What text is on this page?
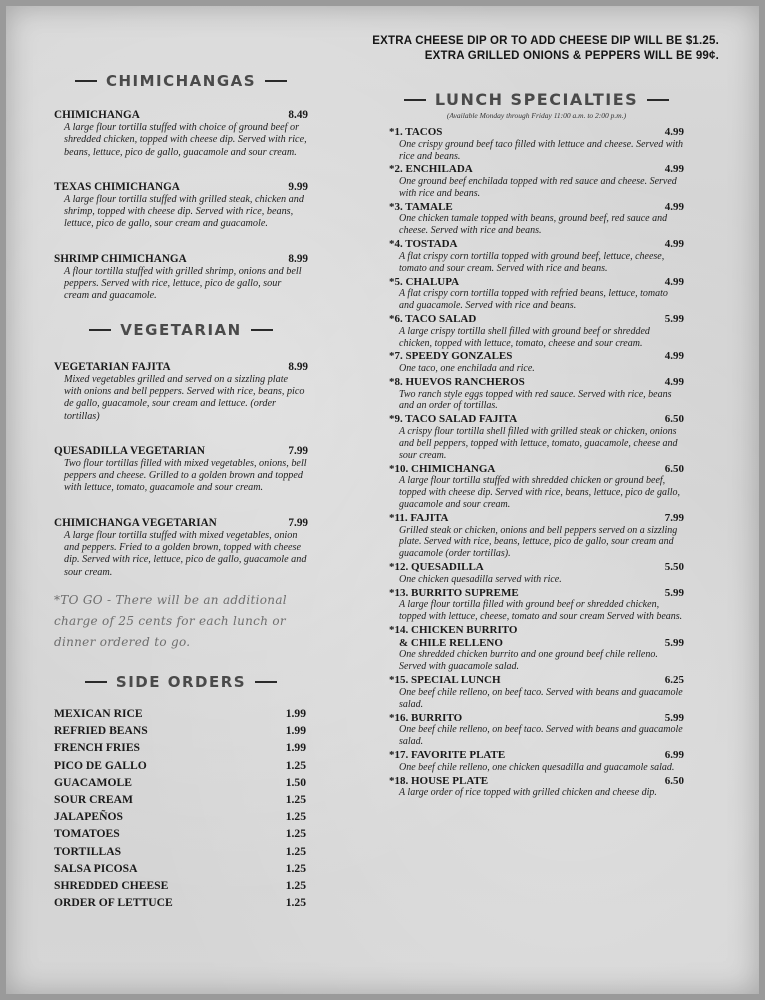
EXTRA CHEESE DIP OR TO ADD CHEESE DIP WILL BE $1.25.
EXTRA GRILLED ONIONS & PEPPERS WILL BE 99¢.
CHIMICHANGAS
CHIMICHANGA	8.49
A large flour tortilla stuffed with choice of ground beef or shredded chicken, topped with cheese dip. Served with rice, beans, lettuce, pico de gallo, guacamole and sour cream.
TEXAS CHIMICHANGA	9.99
A large flour tortilla stuffed with grilled steak, chicken and shrimp, topped with cheese dip. Served with rice, beans, lettuce, pico de gallo, sour cream and guacamole.
SHRIMP CHIMICHANGA	8.99
A flour tortilla stuffed with grilled shrimp, onions and bell peppers. Served with rice, lettuce, pico de gallo, sour cream and guacamole.
VEGETARIAN
VEGETARIAN FAJITA	8.99
Mixed vegetables grilled and served on a sizzling plate with onions and bell peppers. Served with rice, beans, pico de gallo, guacamole, sour cream and lettuce. (order tortillas)
QUESADILLA VEGETARIAN	7.99
Two flour tortillas filled with mixed vegetables, onions, bell peppers and cheese. Grilled to a golden brown and topped with lettuce, tomato, guacamole and sour cream.
CHIMICHANGA VEGETARIAN	7.99
A large flour tortilla stuffed with mixed vegetables, onion and peppers. Fried to a golden brown, topped with cheese dip. Served with rice, lettuce, pico de gallo, guacamole and sour cream.
*TO GO - There will be an additional charge of 25 cents for each lunch or dinner ordered to go.
SIDE ORDERS
MEXICAN RICE	1.99
REFRIED BEANS	1.99
FRENCH FRIES	1.99
PICO DE GALLO	1.25
GUACAMOLE	1.50
SOUR CREAM	1.25
JALAPEÑOS	1.25
TOMATOES	1.25
TORTILLAS	1.25
SALSA PICOSA	1.25
SHREDDED CHEESE	1.25
ORDER OF LETTUCE	1.25
LUNCH SPECIALTIES
(Available Monday through Friday 11:00 a.m. to 2:00 p.m.)
*1. TACOS	4.99
One crispy ground beef taco filled with lettuce and cheese. Served with rice and beans.
*2. ENCHILADA	4.99
One ground beef enchilada topped with red sauce and cheese. Served with rice and beans.
*3. TAMALE	4.99
One chicken tamale topped with beans, ground beef, red sauce and cheese. Served with rice and beans.
*4. TOSTADA	4.99
A flat crispy corn tortilla topped with ground beef, lettuce, cheese, tomato and sour cream. Served with rice and beans.
*5. CHALUPA	4.99
A flat crispy corn tortilla topped with refried beans, lettuce, tomato and guacamole. Served with rice and beans.
*6. TACO SALAD	5.99
A large crispy tortilla shell filled with ground beef or shredded chicken, topped with lettuce, tomato, cheese and sour cream.
*7. SPEEDY GONZALES	4.99
One taco, one enchilada and rice.
*8. HUEVOS RANCHEROS	4.99
Two ranch style eggs topped with red sauce. Served with rice, beans and an order of tortillas.
*9. TACO SALAD FAJITA	6.50
A crispy flour tortilla shell filled with grilled steak or chicken, onions and bell peppers, topped with lettuce, tomato, guacamole, cheese and sour cream.
*10. CHIMICHANGA	6.50
A large flour tortilla stuffed with shredded chicken or ground beef, topped with cheese dip. Served with rice, beans, lettuce, pico de gallo, guacamole and sour cream.
*11. FAJITA	7.99
Grilled steak or chicken, onions and bell peppers served on a sizzling plate. Served with rice, beans, lettuce, pico de gallo, sour cream and guacamole (order tortillas).
*12. QUESADILLA	5.50
One chicken quesadilla served with rice.
*13. BURRITO SUPREME	5.99
A large flour tortilla filled with ground beef or shredded chicken, topped with lettuce, cheese, tomato and sour cream Served with beans.
*14. CHICKEN BURRITO
& CHILE RELLENO	5.99
One shredded chicken burrito and one ground beef chile relleno. Served with guacamole salad.
*15. SPECIAL LUNCH	6.25
One beef chile relleno, on beef taco. Served with beans and guacamole salad.
*16. BURRITO	5.99
One beef chile relleno, on beef taco. Served with beans and guacamole salad.
*17. FAVORITE PLATE	6.99
One beef chile relleno, one chicken quesadilla and guacamole salad.
*18. HOUSE PLATE	6.50
A large order of rice topped with grilled chicken and cheese dip.
